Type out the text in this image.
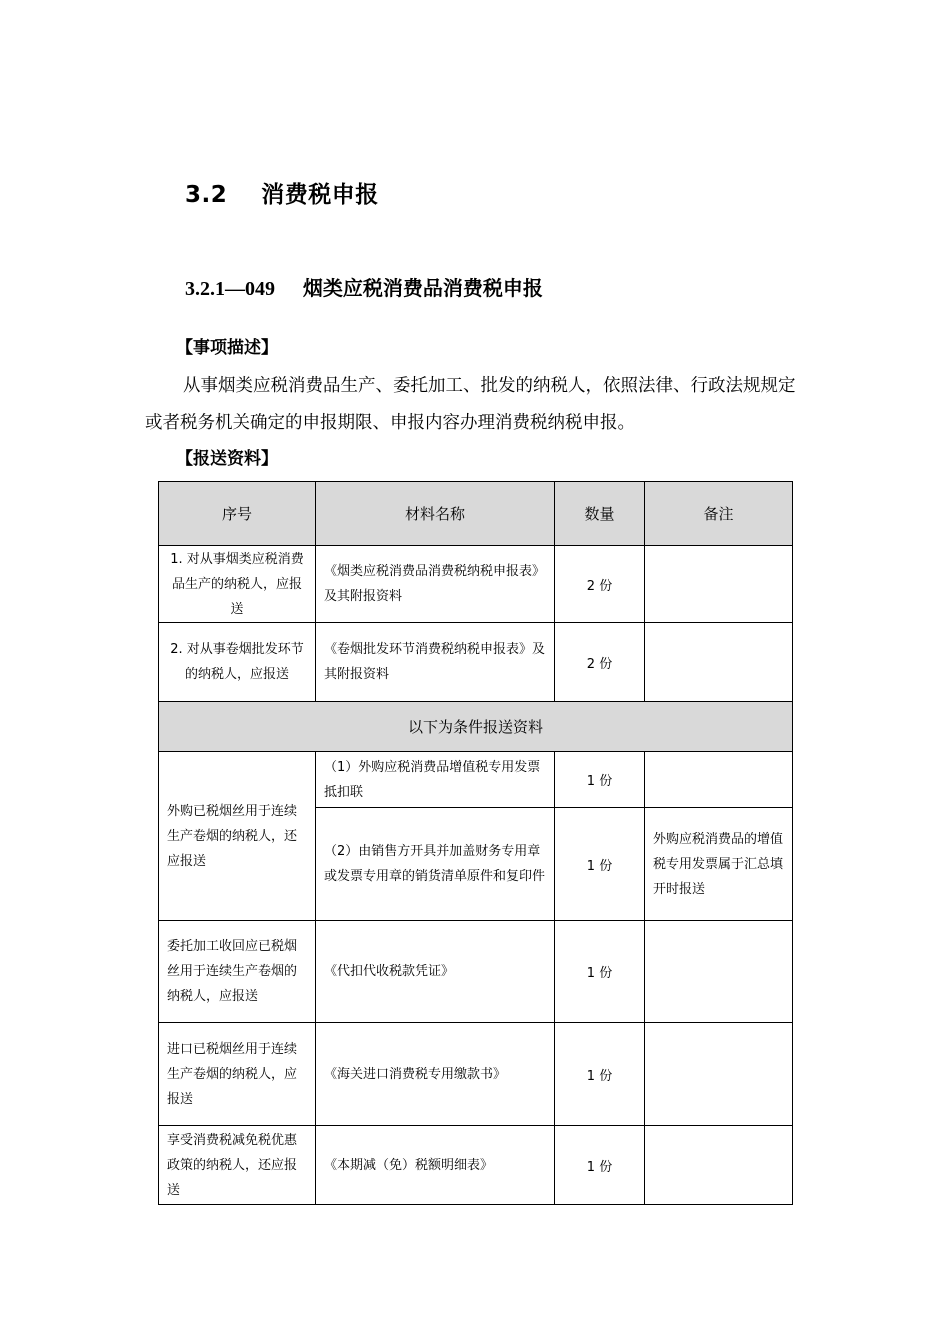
3.2 消费税申报
3.2.1—049 烟类应税消费品消费税申报
【事项描述】

从事烟类应税消费品生产、委托加工、批发的纳税人，依照法律、行政法规规定或者税务机关确定的申报期限、申报内容办理消费税纳税申报。

【报送资料】
序号	材料名称	数量	备注
1. 对从事烟类应税消费品生产的纳税人，应报送	《烟类应税消费品消费税纳税申报表》及其附报资料	2 份	
2. 对从事卷烟批发环节的纳税人，应报送	《卷烟批发环节消费税纳税申报表》及其附报资料	2 份	
以下为条件报送资料			
外购已税烟丝用于连续生产卷烟的纳税人，还应报送	（1）外购应税消费品增值税专用发票抵扣联	1 份	
	（2）由销售方开具并加盖财务专用章或发票专用章的销货清单原件和复印件	1 份	外购应税消费品的增值税专用发票属于汇总填开时报送
委托加工收回应已税烟丝用于连续生产卷烟的纳税人，应报送	《代扣代收税款凭证》	1 份	
进口已税烟丝用于连续生产卷烟的纳税人，应报送	《海关进口消费税专用缴款书》	1 份	
享受消费税减免税优惠政策的纳税人，还应报送	《本期减（免）税额明细表》	1 份	
